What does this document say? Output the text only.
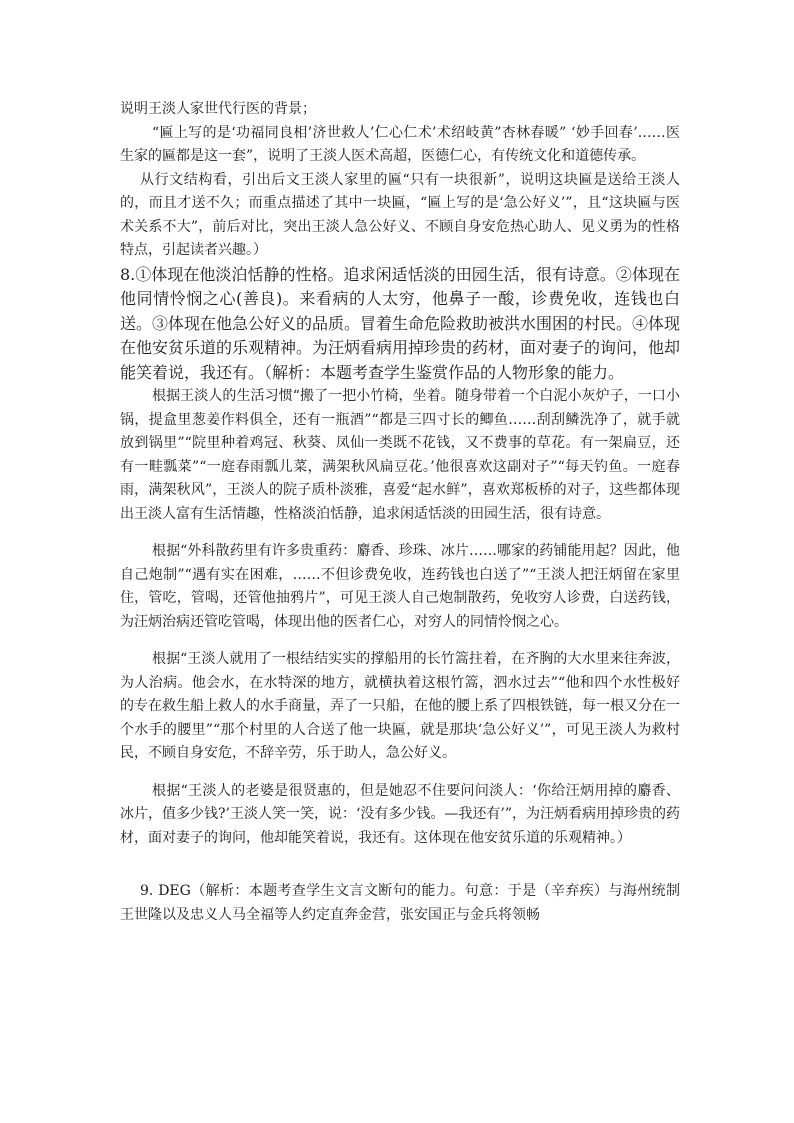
说明王淡人家世代行医的背景；

“匾上写的是‘功福同良相’济世救人’仁心仁术’术绍岐黄”杏林春暖” ‘妙手回春’……医生家的匾都是这一套”，说明了王淡人医术高超，医德仁心，有传统文化和道德传承。

从行文结构看，引出后文王淡人家里的匾“只有一块很新”，说明这块匾是送给王淡人的，而且才送不久；而重点描述了其中一块匾，“匾上写的是‘急公好义’”，且“这块匾与医术关系不大”，前后对比，突出王淡人急公好义、不顾自身安危热心助人、见义勇为的性格特点，引起读者兴趣。）

8.①体现在他淡泊恬静的性格。追求闲适恬淡的田园生活，很有诗意。②体现在他同情怜悯之心(善良)。来看病的人太穷，他鼻子一酸，诊费免收，连钱也白送。③体现在他急公好义的品质。冒着生命危险救助被洪水围困的村民。④体现在他安贫乐道的乐观精神。为汪炳看病用掉珍贵的药材，面对妻子的询问，他却能笑着说，我还有。（解析：本题考查学生鉴赏作品的人物形象的能力。

根据王淡人的生活习惯“搬了一把小竹椅，坐着。随身带着一个白泥小灰炉子，一口小锅，提盒里葱姜作料俱全，还有一瓶酒”“都是三四寸长的鲫鱼……刮刮鳞洗净了，就手就放到锅里”“院里种着鸡冠、秋葵、凤仙一类既不花钱，又不费事的草花。有一架扁豆，还有一畦瓢菜”“一庭春雨瓢儿菜，满架秋风扁豆花。’他很喜欢这副对子”“每天钓鱼。一庭春雨，满架秋风”，王淡人的院子质朴淡雅，喜爱“起水鲜”，喜欢郑板桥的对子，这些都体现出王淡人富有生活情趣，性格淡泊恬静，追求闲适恬淡的田园生活，很有诗意。

根据“外科散药里有许多贵重药：麝香、珍珠、冰片……哪家的药铺能用起？因此，他自己炮制”“遇有实在困难，……不但诊费免收，连药钱也白送了”“王淡人把汪炳留在家里住，管吃，管喝，还管他抽鸦片”，可见王淡人自己炮制散药，免收穷人诊费，白送药钱，为汪炳治病还管吃管喝，体现出他的医者仁心，对穷人的同情怜悯之心。

根据“王淡人就用了一根结结实实的撑船用的长竹篙拄着，在齐胸的大水里来往奔波，为人治病。他会水，在水特深的地方，就横执着这根竹篙，泗水过去”“他和四个水性极好的专在救生船上救人的水手商量，弄了一只船，在他的腰上系了四根铁链，每一根又分在一个水手的腰里”“那个村里的人合送了他一块匾，就是那块‘急公好义’”，可见王淡人为救村民，不顾自身安危，不辞辛劳，乐于助人，急公好义。

根据“王淡人的老婆是很贤惠的，但是她忍不住要问问淡人：‘你给汪炳用掉的麝香、冰片，值多少钱?’王淡人笑一笑，说：‘没有多少钱。—我还有’”，为汪炳看病用掉珍贵的药材，面对妻子的询问，他却能笑着说，我还有。这体现在他安贫乐道的乐观精神。）

9. DEG（解析：本题考查学生文言文断句的能力。句意：于是（辛弃疾）与海州统制王世隆以及忠义人马全福等人约定直奔金营，张安国正与金兵将领畅
